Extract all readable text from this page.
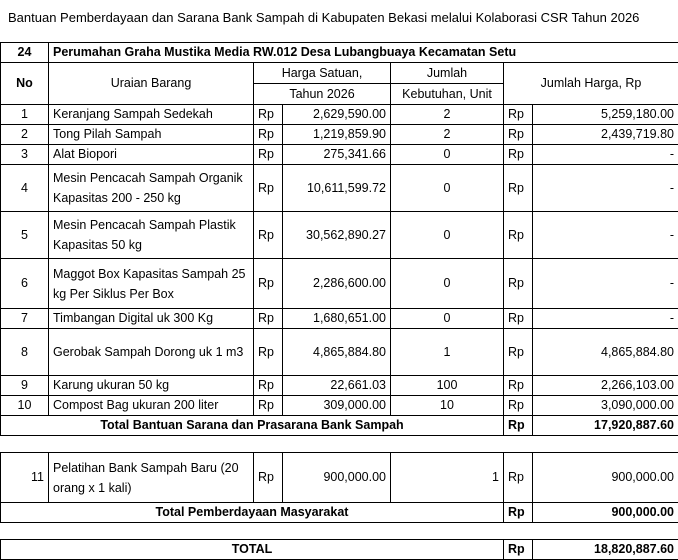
Bantuan Pemberdayaan dan Sarana Bank Sampah di Kabupaten Bekasi melalui Kolaborasi CSR Tahun 2026
24	Perumahan Graha Mustika Media RW.012 Desa Lubangbuaya Kecamatan Setu					
No	Uraian Barang	Harga Satuan,		Jumlah	Jumlah Harga, Rp	
		Tahun 2026		Kebutuhan, Unit		
1	Keranjang Sampah Sedekah	Rp	2,629,590.00	2	Rp	5,259,180.00
2	Tong Pilah Sampah	Rp	1,219,859.90	2	Rp	2,439,719.80
3	Alat Biopori	Rp	275,341.66	0	Rp	-
4	Mesin Pencacah Sampah Organik Kapasitas 200 - 250 kg	Rp	10,611,599.72	0	Rp	-
5	Mesin Pencacah Sampah Plastik Kapasitas 50 kg	Rp	30,562,890.27	0	Rp	-
6	Maggot Box Kapasitas Sampah 25 kg Per Siklus Per Box	Rp	2,286,600.00	0	Rp	-
7	Timbangan Digital uk 300 Kg	Rp	1,680,651.00	0	Rp	-
8	Gerobak Sampah Dorong uk 1 m3	Rp	4,865,884.80	1	Rp	4,865,884.80
9	Karung ukuran 50 kg	Rp	22,661.03	100	Rp	2,266,103.00
10	Compost Bag ukuran 200 liter	Rp	309,000.00	10	Rp	3,090,000.00
Total Bantuan Sarana dan Prasarana Bank Sampah					Rp	17,920,887.60

11	Pelatihan Bank Sampah Baru (20 orang x 1 kali)	Rp	900,000.00	1	Rp	900,000.00
Total Pemberdayaan Masyarakat					Rp	900,000.00

TOTAL					Rp	18,820,887.60
